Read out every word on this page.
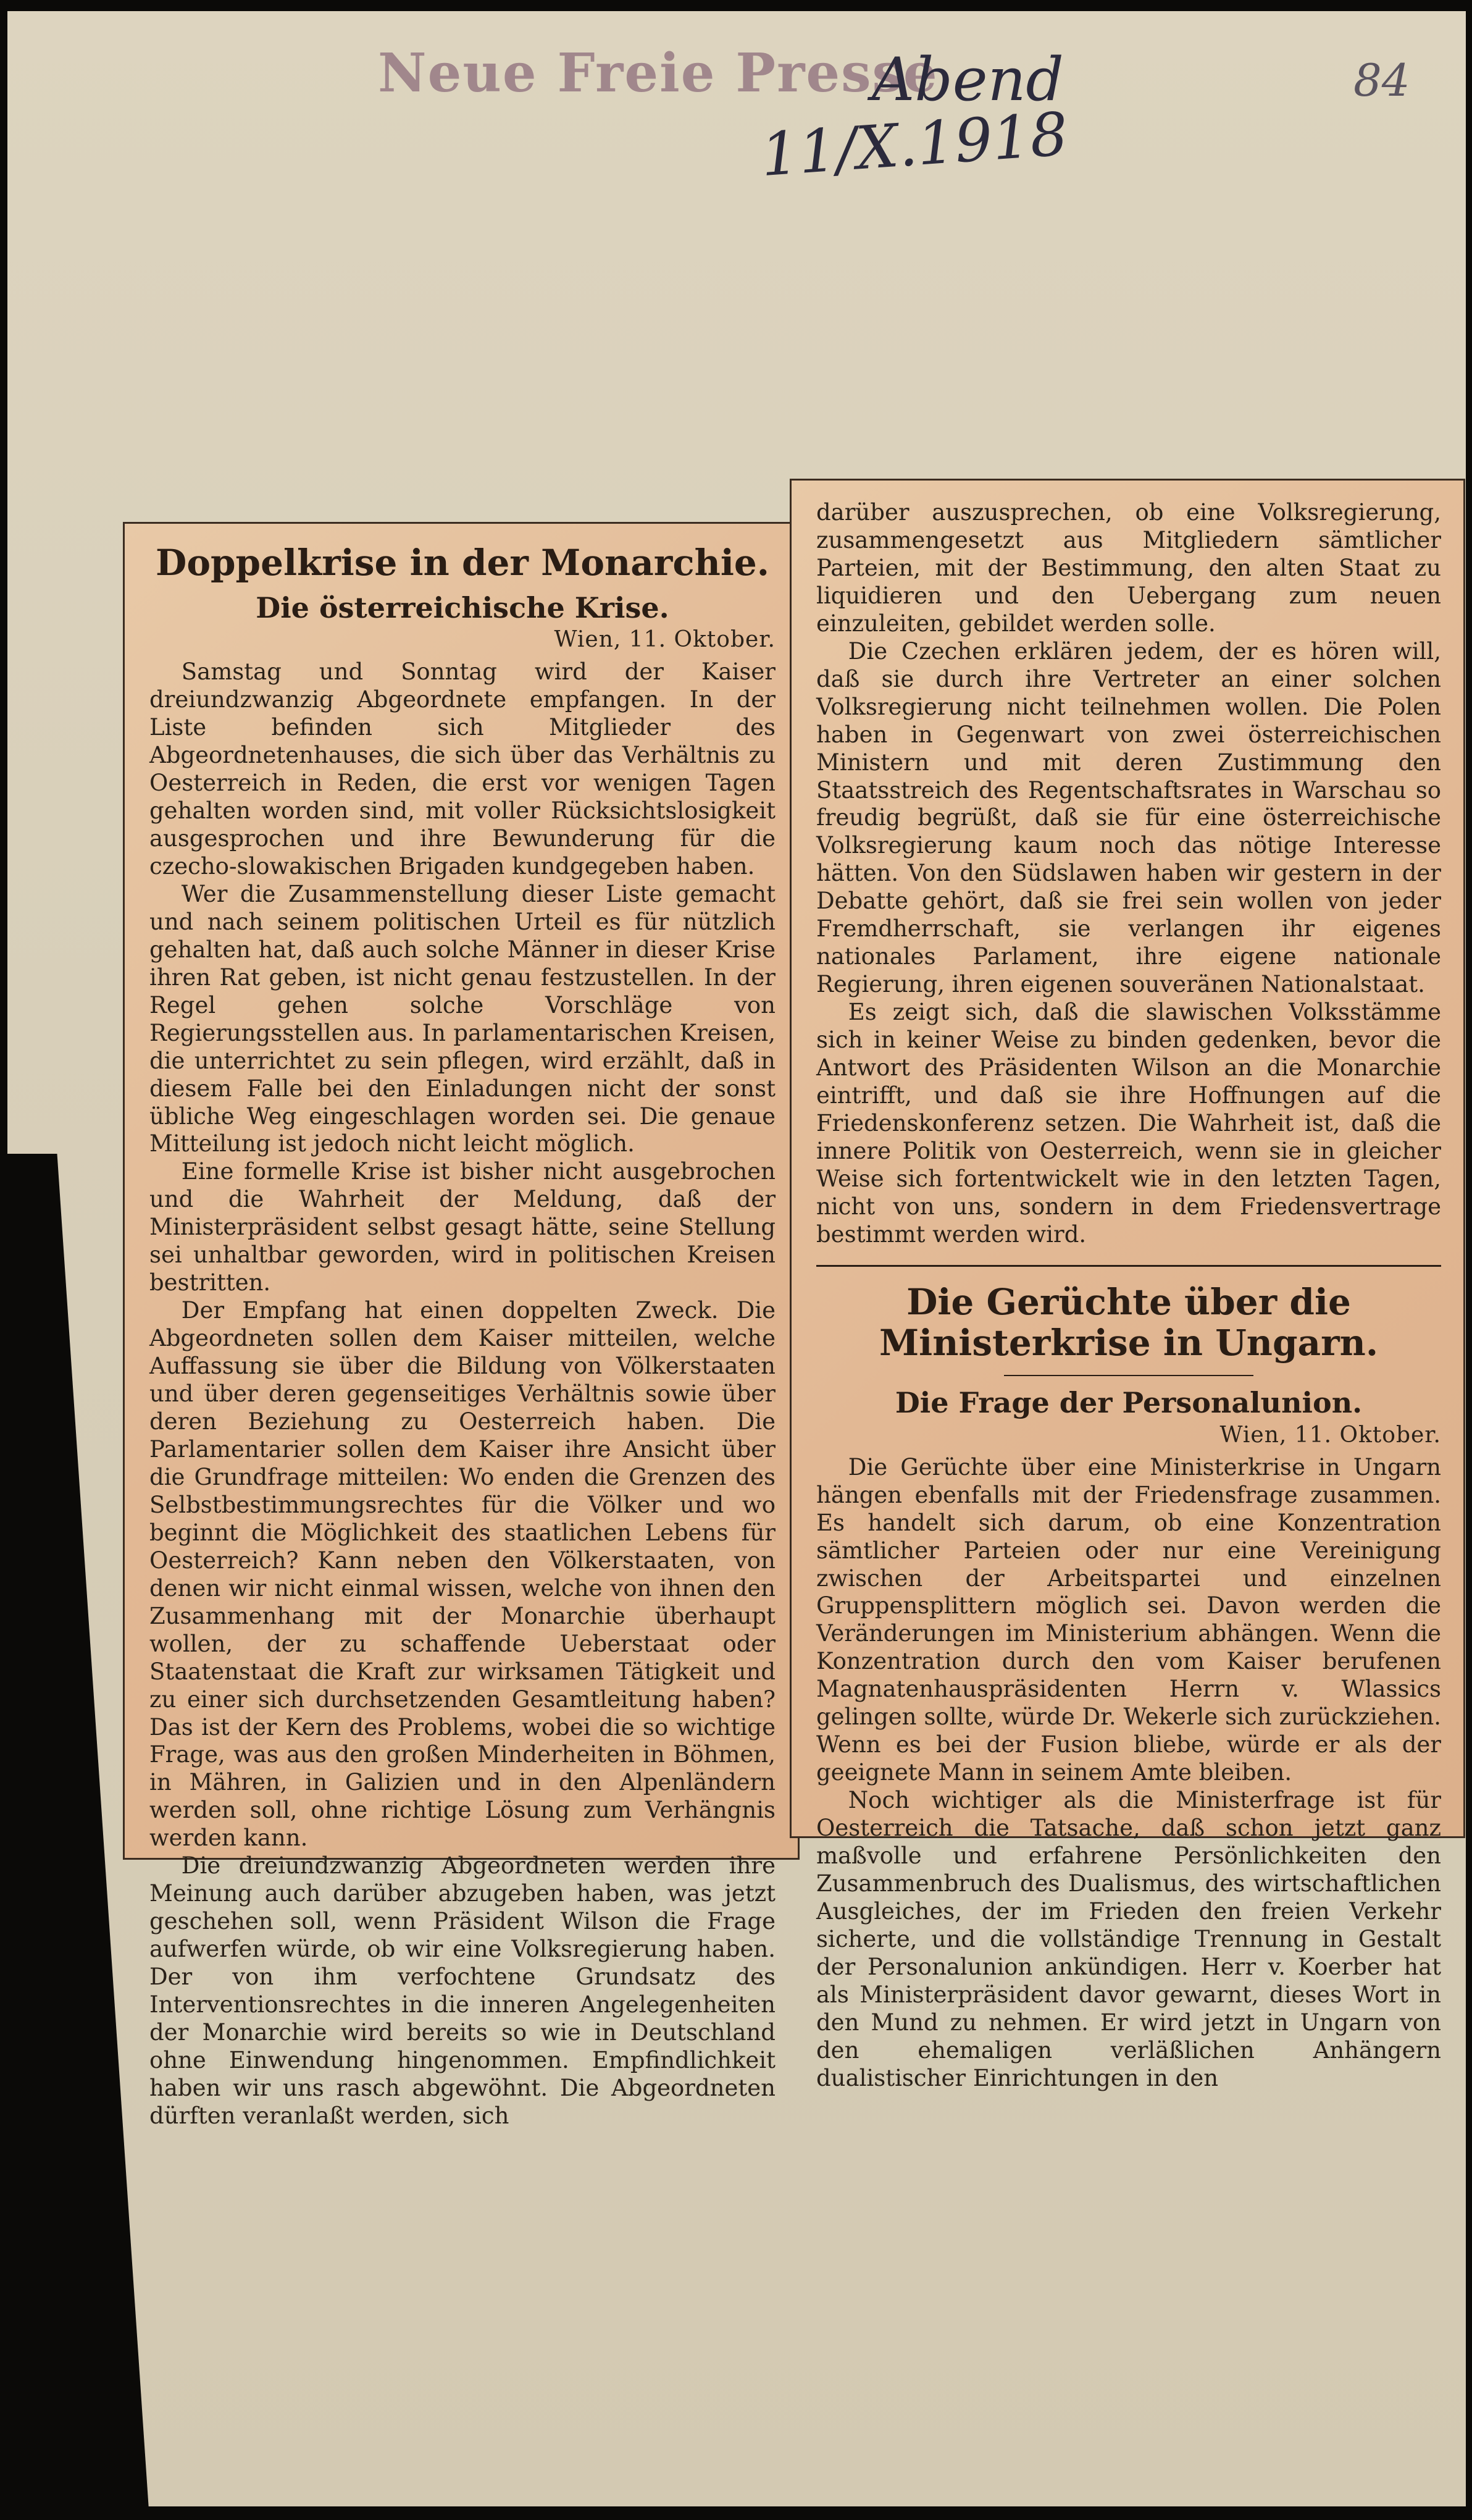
Neue Freie Presse
Abend
11/X.1918
84
Doppelkrise in der Monarchie.
Die österreichische Krise.
Wien, 11. Oktober.

Samstag und Sonntag wird der Kaiser dreiundzwanzig Abgeordnete empfangen. In der Liste befinden sich Mitglieder des Abgeordnetenhauses, die sich über das Verhältnis zu Oesterreich in Reden, die erst vor wenigen Tagen gehalten worden sind, mit voller Rücksichtslosigkeit ausgesprochen und ihre Bewunderung für die czecho-slowakischen Brigaden kundgegeben haben.

Wer die Zusammenstellung dieser Liste gemacht und nach seinem politischen Urteil es für nützlich gehalten hat, daß auch solche Männer in dieser Krise ihren Rat geben, ist nicht genau festzustellen. In der Regel gehen solche Vorschläge von Regierungsstellen aus. In parlamentarischen Kreisen, die unterrichtet zu sein pflegen, wird erzählt, daß in diesem Falle bei den Einladungen nicht der sonst übliche Weg eingeschlagen worden sei. Die genaue Mitteilung ist jedoch nicht leicht möglich.

Eine formelle Krise ist bisher nicht ausgebrochen und die Wahrheit der Meldung, daß der Ministerpräsident selbst gesagt hätte, seine Stellung sei unhaltbar geworden, wird in politischen Kreisen bestritten.

Der Empfang hat einen doppelten Zweck. Die Abgeordneten sollen dem Kaiser mitteilen, welche Auffassung sie über die Bildung von Völkerstaaten und über deren gegenseitiges Verhältnis sowie über deren Beziehung zu Oesterreich haben. Die Parlamentarier sollen dem Kaiser ihre Ansicht über die Grundfrage mitteilen: Wo enden die Grenzen des Selbstbestimmungsrechtes für die Völker und wo beginnt die Möglichkeit des staatlichen Lebens für Oesterreich? Kann neben den Völkerstaaten, von denen wir nicht einmal wissen, welche von ihnen den Zusammenhang mit der Monarchie überhaupt wollen, der zu schaffende Ueberstaat oder Staatenstaat die Kraft zur wirksamen Tätigkeit und zu einer sich durchsetzenden Gesamtleitung haben? Das ist der Kern des Problems, wobei die so wichtige Frage, was aus den großen Minderheiten in Böhmen, in Mähren, in Galizien und in den Alpenländern werden soll, ohne richtige Lösung zum Verhängnis werden kann.

Die dreiundzwanzig Abgeordneten werden ihre Meinung auch darüber abzugeben haben, was jetzt geschehen soll, wenn Präsident Wilson die Frage aufwerfen würde, ob wir eine Volksregierung haben. Der von ihm verfochtene Grundsatz des Interventionsrechtes in die inneren Angelegenheiten der Monarchie wird bereits so wie in Deutschland ohne Einwendung hingenommen. Empfindlichkeit haben wir uns rasch abgewöhnt. Die Abgeordneten dürften veranlaßt werden, sich

darüber auszusprechen, ob eine Volksregierung, zusammengesetzt aus Mitgliedern sämtlicher Parteien, mit der Bestimmung, den alten Staat zu liquidieren und den Uebergang zum neuen einzuleiten, gebildet werden solle.

Die Czechen erklären jedem, der es hören will, daß sie durch ihre Vertreter an einer solchen Volksregierung nicht teilnehmen wollen. Die Polen haben in Gegenwart von zwei österreichischen Ministern und mit deren Zustimmung den Staatsstreich des Regentschaftsrates in Warschau so freudig begrüßt, daß sie für eine österreichische Volksregierung kaum noch das nötige Interesse hätten. Von den Südslawen haben wir gestern in der Debatte gehört, daß sie frei sein wollen von jeder Fremdherrschaft, sie verlangen ihr eigenes nationales Parlament, ihre eigene nationale Regierung, ihren eigenen souveränen Nationalstaat.

Es zeigt sich, daß die slawischen Volksstämme sich in keiner Weise zu binden gedenken, bevor die Antwort des Präsidenten Wilson an die Monarchie eintrifft, und daß sie ihre Hoffnungen auf die Friedenskonferenz setzen. Die Wahrheit ist, daß die innere Politik von Oesterreich, wenn sie in gleicher Weise sich fortentwickelt wie in den letzten Tagen, nicht von uns, sondern in dem Friedensvertrage bestimmt werden wird.

Die Gerüchte über die Ministerkrise in Ungarn.
Die Frage der Personalunion.
Wien, 11. Oktober.

Die Gerüchte über eine Ministerkrise in Ungarn hängen ebenfalls mit der Friedensfrage zusammen. Es handelt sich darum, ob eine Konzentration sämtlicher Parteien oder nur eine Vereinigung zwischen der Arbeitspartei und einzelnen Gruppensplittern möglich sei. Davon werden die Veränderungen im Ministerium abhängen. Wenn die Konzentration durch den vom Kaiser berufenen Magnatenhauspräsidenten Herrn v. Wlassics gelingen sollte, würde Dr. Wekerle sich zurückziehen. Wenn es bei der Fusion bliebe, würde er als der geeignete Mann in seinem Amte bleiben.

Noch wichtiger als die Ministerfrage ist für Oesterreich die Tatsache, daß schon jetzt ganz maßvolle und erfahrene Persönlichkeiten den Zusammenbruch des Dualismus, des wirtschaftlichen Ausgleiches, der im Frieden den freien Verkehr sicherte, und die vollständige Trennung in Gestalt der Personalunion ankündigen. Herr v. Koerber hat als Ministerpräsident davor gewarnt, dieses Wort in den Mund zu nehmen. Er wird jetzt in Ungarn von den ehemaligen verläßlichen Anhängern dualistischer Einrichtungen in den
